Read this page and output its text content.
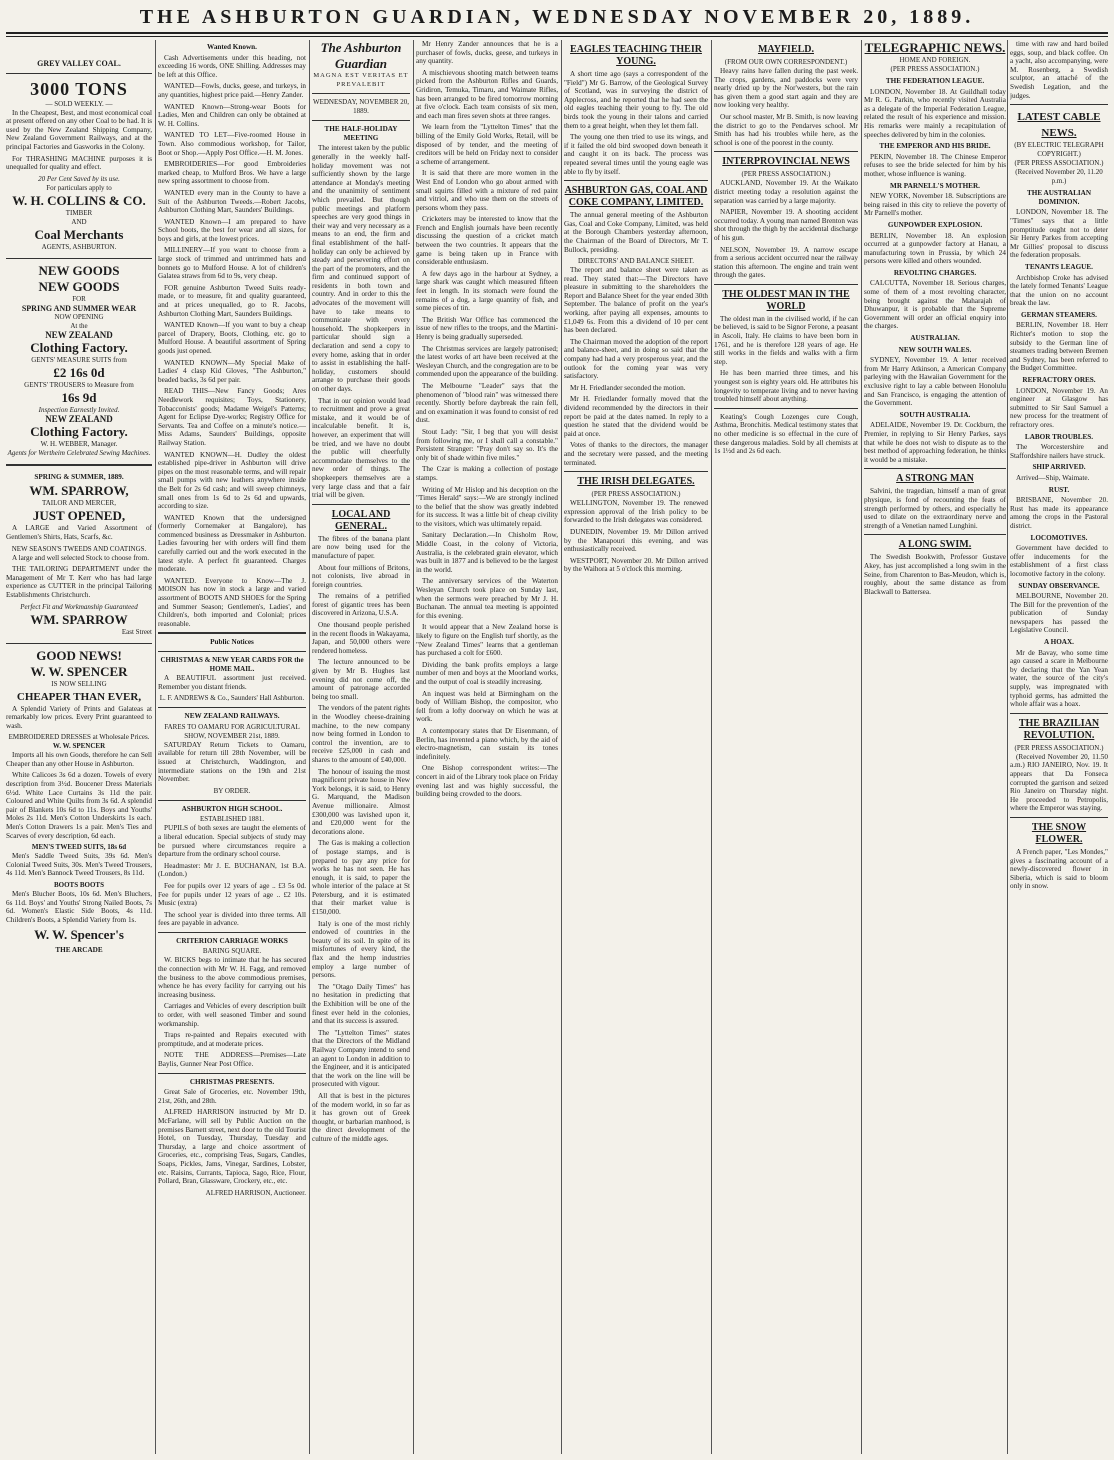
THE ASHBURTON GUARDIAN, WEDNESDAY NOVEMBER 20, 1889.
GREY VALLEY COAL.
3000 TONS
— SOLD WEEKLY. —

In the Cheapest, Best, and most economical coal at present offered on any other Coal to be had. It is used by the New Zealand Shipping Company, New Zealand Government Railways, and at the principal Factories and Gasworks in the Colony.

For THRASHING MACHINE purposes it is unequalled for quality and effect.

20 Per Cent Saved by its use.
For particulars apply to
W. H. COLLINS & CO.
TIMBER
AND
Coal Merchants
AGENTS, ASHBURTON.
NEW GOODS
NEW GOODS
FOR
SPRING AND SUMMER WEAR
NOW OPENING
At the
NEW ZEALAND
Clothing Factory.
GENTS' MEASURE SUITS from
£2 16s 0d
GENTS' TROUSERS to Measure from
16s 9d
Inspection Earnestly Invited.
NEW ZEALAND
Clothing Factory.
W. H. WEBBER, Manager.
Agents for Wertheim Celebrated Sewing Machines.
SPRING & SUMMER, 1889.
WM. SPARROW,
TAILOR AND MERCER,
JUST OPENED,

A LARGE and Varied Assortment of Gentlemen's Shirts, Hats, Scarfs, &c.

NEW SEASON'S TWEEDS AND COATINGS.

A large and well selected Stock to choose from.

THE TAILORING DEPARTMENT under the Management of Mr T. Kerr who has had large experience as CUTTER in the principal Tailoring Establishments Christchurch.

Perfect Fit and Workmanship Guaranteed
WM. SPARROW
East Street
GOOD NEWS!
W. W. SPENCER
IS NOW SELLING
CHEAPER THAN EVER,

A Splendid Variety of Prints and Galateas at remarkably low prices. Every Print guaranteed to wash.

EMBROIDERED DRESSES at Wholesale Prices.
W. W. SPENCER

Imports all his own Goods, therefore he can Sell Cheaper than any other House in Ashburton.

White Calicoes 3s 6d a dozen. Towels of every description from 3½d. Boucener Dress Materials 6½d. White Lace Curtains 3s 11d the pair. Coloured and White Quilts from 3s 6d. A splendid pair of Blankets 10s 6d to 11s. Boys and Youths' Moles 2s 11d. Men's Cotton Underskirts 1s each. Men's Cotton Drawers 1s a pair. Men's Ties and Scarves of every description, 6d each.

MEN'S TWEED SUITS, 18s 6d

Men's Saddle Tweed Suits, 39s 6d. Men's Colonial Tweed Suits, 30s. Men's Tweed Trousers, 4s 11d. Men's Bannock Tweed Trousers, 8s 11d.

BOOTS BOOTS

Men's Blucher Boots, 10s 6d. Men's Bluchers, 6s 11d. Boys' and Youths' Strong Nailed Boots, 7s 6d. Women's Elastic Side Boots, 4s 11d. Children's Boots, a Splendid Variety from 1s.

W. W. Spencer's
THE ARCADE
Wanted Known.

Cash Advertisements under this heading, not exceeding 16 words, ONE Shilling. Addresses may be left at this Office.

WANTED—Fowls, ducks, geese, and turkeys, in any quantities, highest price paid.—Henry Zander.

WANTED Known—Strong-wear Boots for Ladies, Men and Children can only be obtained at W. H. Collins.

WANTED TO LET—Five-roomed House in Town. Also commodious workshop, for Tailor, Boot or Shop.—Apply Post Office.—H. M. Jones.

EMBROIDERIES—For good Embroideries marked cheap, to Mulford Bros. We have a large new spring assortment to choose from.

WANTED every man in the County to have a Suit of the Ashburton Tweeds.—Robert Jacobs, Ashburton Clothing Mart, Saunders' Buildings.

WANTED Known—I am prepared to have School boots, the best for wear and all sizes, for boys and girls, at the lowest prices.

MILLINERY—If you want to choose from a large stock of trimmed and untrimmed hats and bonnets go to Mulford House. A lot of children's Galatea straws from 6d to 9s, very cheap.

FOR genuine Ashburton Tweed Suits ready-made, or to measure, fit and quality guaranteed, and at prices unequalled, go to R. Jacobs, Ashburton Clothing Mart, Saunders Buildings.

WANTED Known—If you want to buy a cheap parcel of Drapery, Boots, Clothing, etc. go to Mulford House. A beautiful assortment of Spring goods just opened.

WANTED KNOWN—My Special Make of Ladies' 4 clasp Kid Gloves, "The Ashburton," beaded backs, 3s 6d per pair.

READ THIS—New Fancy Goods; Ares Needlework requisites; Toys, Stationery, Tobacconists' goods; Madame Weigel's Patterns; Agent for Eclipse Dye-works; Registry Office for Servants. Tea and Coffee on a minute's notice.—Miss Adams, Saunders' Buildings, opposite Railway Station.

WANTED KNOWN—H. Dudley the oldest established pipe-driver in Ashburton will drive pipes on the most reasonable terms, and will repair small pumps with new leathers anywhere inside the Belt for 2s 6d cash; and will sweep chimneys, small ones from 1s 6d to 2s 6d and upwards, according to size.

WANTED Known that the undersigned (formerly Cornemaker at Bangalore), has commenced business as Dressmaker in Ashburton. Ladies favouring her with orders will find them carefully carried out and the work executed in the latest style. A perfect fit guaranteed. Charges moderate.

WANTED. Everyone to Know—The J. MOISON has now in stock a large and varied assortment of BOOTS AND SHOES for the Spring and Summer Season; Gentlemen's, Ladies', and Children's, both imported and Colonial; prices reasonable.

Public Notices
CHRISTMAS & NEW YEAR CARDS FOR the HOME MAIL.

A BEAUTIFUL assortment just received. Remember you distant friends.

L. F. ANDREWS & Co., Saunders' Hall Ashburton.
NEW ZEALAND RAILWAYS.
FARES TO OAMARU FOR AGRICULTURAL SHOW, NOVEMBER 21st, 1889.

SATURDAY Return Tickets to Oamaru, available for return till 28th November, will be issued at Christchurch, Waddington, and intermediate stations on the 19th and 21st November.

BY ORDER.
ASHBURTON HIGH SCHOOL.
ESTABLISHED 1881.

PUPILS of both sexes are taught the elements of a liberal education. Special subjects of study may be pursued where circumstances require a departure from the ordinary school course.

Headmaster: Mr J. E. BUCHANAN, 1st B.A. (London.)

Fee for pupils over 12 years of age .. £3 5s 0d. Fee for pupils under 12 years of age .. £2 10s. Music (extra)

The school year is divided into three terms. All fees are payable in advance.

CRITERION CARRIAGE WORKS
BARING SQUARE.

W. BICKS begs to intimate that he has secured the connection with Mr W. H. Fagg, and removed the business to the above commodious premises, whence he has every facility for carrying out his increasing business.

Carriages and Vehicles of every description built to order, with well seasoned Timber and sound workmanship.

Traps re-painted and Repairs executed with promptitude, and at moderate prices.

NOTE THE ADDRESS—Premises—Late Baylis, Gunner Near Post Office.

CHRISTMAS PRESENTS.

Great Sale of Groceries, etc. November 19th, 21st, 26th, and 28th.

ALFRED HARRISON instructed by Mr D. McFarlane, will sell by Public Auction on the premises Barnett street, next door to the old Tourist Hotel, on Tuesday, Thursday, Tuesday and Thursday, a large and choice assortment of Groceries, etc., comprising Teas, Sugars, Candles, Soaps, Pickles, Jams, Vinegar, Sardines, Lobster, etc. Raisins, Currants, Tapioca, Sago, Rice, Flour, Pollard, Bran, Glassware, Crockery, etc., etc.

ALFRED HARRISON, Auctioneer.
The Ashburton Guardian
MAGNA EST VERITAS ET PREVALEBIT
WEDNESDAY, NOVEMBER 20, 1889.
THE HALF-HOLIDAY MEETING

The interest taken by the public generally in the weekly half-holiday movement was not sufficiently shown by the large attendance at Monday's meeting and the unanimity of sentiment which prevailed. But though public meetings and platform speeches are very good things in their way and very necessary as a means to an end, the firm and final establishment of the half-holiday can only be achieved by steady and persevering effort on the part of the promoters, and the firm and continued support of residents in both town and country. And in order to this the advocates of the movement will have to take means to communicate with every household. The shopkeepers in particular should sign a declaration and send a copy to every home, asking that in order to assist in establishing the half-holiday, customers should arrange to purchase their goods on other days.

That in our opinion would lead to recruitment and prove a great mistake, and it would be of incalculable benefit. It is, however, an experiment that will be tried, and we have no doubt the public will cheerfully accommodate themselves to the new order of things. The shopkeepers themselves are a very large class and that a fair trial will be given.

LOCAL AND GENERAL.

The fibres of the banana plant are now being used for the manufacture of paper.

About four millions of Britons, not colonists, live abroad in foreign countries.

The remains of a petrified forest of gigantic trees has been discovered in Arizona, U.S.A.

One thousand people perished in the recent floods in Wakayama, Japan, and 50,000 others were rendered homeless.

The lecture announced to be given by Mr B. Hughes last evening did not come off, the amount of patronage accorded being too small.

The vendors of the patent rights in the Woodley cheese-draining machine, to the new company now being formed in London to control the invention, are to receive £25,000 in cash and shares to the amount of £40,000.

The honour of issuing the most magnificent private house in New York belongs, it is said, to Henry G. Marquand, the Madison Avenue millionaire. Almost £300,000 was lavished upon it, and £20,000 went for the decorations alone.

The Gas is making a collection of postage stamps, and is prepared to pay any price for works he has not seen. He has enough, it is said, to paper the whole interior of the palace at St Petersburg, and it is estimated that their market value is £150,000.

Italy is one of the most richly endowed of countries in the beauty of its soil. In spite of its misfortunes of every kind, the flax and the hemp industries employ a large number of persons.

The "Otago Daily Times" has no hesitation in predicting that the Exhibition will be one of the finest ever held in the colonies, and that its success is assured.

The "Lyttelton Times" states that the Directors of the Midland Railway Company intend to send an agent to London in addition to the Engineer, and it is anticipated that the work on the line will be prosecuted with vigour.

All that is best in the pictures of the modern world, in so far as it has grown out of Greek thought, or barbarian manhood, is the direct development of the culture of the middle ages.

Mr Henry Zander announces that he is a purchaser of fowls, ducks, geese, and turkeys in any quantity.

A mischievous shooting match between teams picked from the Ashburton Rifles and Guards, Gridiron, Temuka, Timaru, and Waimate Rifles, has been arranged to be fired tomorrow morning at five o'clock. Each team consists of six men, and each man fires seven shots at three ranges.

We learn from the "Lyttelton Times" that the billing of the Emily Gold Works, Retail, will be disposed of by tender, and the meeting of creditors will be held on Friday next to consider a scheme of arrangement.

It is said that there are more women in the West End of London who go about armed with small squirts filled with a mixture of red paint and vitriol, and who use them on the streets of persons whom they pass.

Cricketers may be interested to know that the French and English journals have been recently discussing the question of a cricket match between the two countries. It appears that the game is being taken up in France with considerable enthusiasm.

A few days ago in the harbour at Sydney, a large shark was caught which measured fifteen feet in length. In its stomach were found the remains of a dog, a large quantity of fish, and some pieces of tin.

The British War Office has commenced the issue of new rifles to the troops, and the Martini-Henry is being gradually superseded.

The Christmas services are largely patronised; the latest works of art have been received at the Wesleyan Church, and the congregation are to be commended upon the appearance of the building.

The Melbourne "Leader" says that the phenomenon of "blood rain" was witnessed there recently. Shortly before daybreak the rain fell, and on examination it was found to consist of red dust.

Stout Lady: "Sir, I beg that you will desist from following me, or I shall call a constable." Persistent Stranger: "Pray don't say so. It's the only bit of shade within five miles."

The Czar is making a collection of postage stamps.

Writing of Mr Hislop and his deception on the "Times Herald" says:—We are strongly inclined to the belief that the show was greatly indebted for its success. It was a little bit of cheap civility to the visitors, which was ultimately repaid.

Sanitary Declaration.—In Chisholm Row, Middle Coast, in the colony of Victoria, Australia, is the celebrated grain elevator, which was built in 1877 and is believed to be the largest in the world.

The anniversary services of the Waterton Wesleyan Church took place on Sunday last, when the sermons were preached by Mr J. H. Buchanan. The annual tea meeting is appointed for this evening.

It would appear that a New Zealand horse is likely to figure on the English turf shortly, as the "New Zealand Times" learns that a gentleman has purchased a colt for £600.

Dividing the bank profits employs a large number of men and boys at the Moorland works, and the output of coal is steadily increasing.

An inquest was held at Birmingham on the body of William Bishop, the compositor, who fell from a lofty doorway on which he was at work.

A contemporary states that Dr Eisenmann, of Berlin, has invented a piano which, by the aid of electro-magnetism, can sustain its tones indefinitely.

One Bishop correspondent writes:—The concert in aid of the Library took place on Friday evening last and was highly successful, the building being crowded to the doors.

EAGLES TEACHING THEIR YOUNG.

A short time ago (says a correspondent of the "Field") Mr G. Barrow, of the Geological Survey of Scotland, was in surveying the district of Applecross, and he reported that he had seen the old eagles teaching their young to fly. The old birds took the young in their talons and carried them to a great height, when they let them fall.

The young one then tried to use its wings, and if it failed the old bird swooped down beneath it and caught it on its back. The process was repeated several times until the young eagle was able to fly by itself.

ASHBURTON GAS, COAL AND COKE COMPANY, LIMITED.

The annual general meeting of the Ashburton Gas, Coal and Coke Company, Limited, was held at the Borough Chambers yesterday afternoon, the Chairman of the Board of Directors, Mr T. Bullock, presiding.

DIRECTORS' AND BALANCE SHEET.

The report and balance sheet were taken as read. They stated that:—The Directors have pleasure in submitting to the shareholders the Report and Balance Sheet for the year ended 30th September. The balance of profit on the year's working, after paying all expenses, amounts to £1,049 6s. From this a dividend of 10 per cent has been declared.

The Chairman moved the adoption of the report and balance-sheet, and in doing so said that the company had had a very prosperous year, and the outlook for the coming year was very satisfactory.

Mr H. Friedlander seconded the motion.

Mr H. Friedlander formally moved that the dividend recommended by the directors in their report be paid at the dates named. In reply to a question he stated that the dividend would be paid at once.

Votes of thanks to the directors, the manager and the secretary were passed, and the meeting terminated.

THE IRISH DELEGATES.
(PER PRESS ASSOCIATION.)

WELLINGTON, November 19. The renewed expression approval of the Irish policy to be forwarded to the Irish delegates was considered.

DUNEDIN, November 19. Mr Dillon arrived by the Manapouri this evening, and was enthusiastically received.

WESTPORT, November 20. Mr Dillon arrived by the Waihora at 5 o'clock this morning.

MAYFIELD.
(FROM OUR OWN CORRESPONDENT.)

Heavy rains have fallen during the past week. The crops, gardens, and paddocks were very nearly dried up by the Nor'westers, but the rain has given them a good start again and they are now looking very healthy.

Our school master, Mr B. Smith, is now leaving the district to go to the Pendarves school. Mr Smith has had his troubles while here, as the school is one of the poorest in the county.

INTERPROVINCIAL NEWS
(PER PRESS ASSOCIATION.)

AUCKLAND, November 19. At the Waikato district meeting today a resolution against the separation was carried by a large majority.

NAPIER, November 19. A shooting accident occurred today. A young man named Brenton was shot through the thigh by the accidental discharge of his gun.

NELSON, November 19. A narrow escape from a serious accident occurred near the railway station this afternoon. The engine and train went through the gates.

THE OLDEST MAN IN THE WORLD

The oldest man in the civilised world, if he can be believed, is said to be Signor Ferone, a peasant in Ascoli, Italy. He claims to have been born in 1761, and he is therefore 128 years of age. He still works in the fields and walks with a firm step.

He has been married three times, and his youngest son is eighty years old. He attributes his longevity to temperate living and to never having troubled himself about anything.

Keating's Cough Lozenges cure Cough, Asthma, Bronchitis. Medical testimony states that no other medicine is so effectual in the cure of these dangerous maladies. Sold by all chemists at 1s 1½d and 2s 6d each.

TELEGRAPHIC NEWS.
HOME AND FOREIGN.
(PER PRESS ASSOCIATION.)
THE FEDERATION LEAGUE.

LONDON, November 18. At Guildhall today Mr R. G. Parkin, who recently visited Australia as a delegate of the Imperial Federation League, related the result of his experience and mission. His remarks were mainly a recapitulation of speeches delivered by him in the colonies.

THE EMPEROR AND HIS BRIDE.

PEKIN, November 18. The Chinese Emperor refuses to see the bride selected for him by his mother, whose influence is waning.

MR PARNELL'S MOTHER.

NEW YORK, November 18. Subscriptions are being raised in this city to relieve the poverty of Mr Parnell's mother.

GUNPOWDER EXPLOSION.

BERLIN, November 18. An explosion occurred at a gunpowder factory at Hanau, a manufacturing town in Prussia, by which 24 persons were killed and others wounded.

REVOLTING CHARGES.

CALCUTTA, November 18. Serious charges, some of them of a most revolting character, being brought against the Maharajah of Dhuwanpur, it is probable that the Supreme Government will order an official enquiry into the charges.

AUSTRALIAN.
NEW SOUTH WALES.

SYDNEY, November 19. A letter received from Mr Harry Atkinson, a American Company parleying with the Hawaiian Government for the exclusive right to lay a cable between Honolulu and San Francisco, is engaging the attention of the Government.

SOUTH AUSTRALIA.

ADELAIDE, November 19. Dr. Cockburn, the Premier, in replying to Sir Henry Parkes, says that while he does not wish to dispute as to the best method of approaching federation, he thinks it would be a mistake.

A STRONG MAN

Salvini, the tragedian, himself a man of great physique, is fond of recounting the feats of strength performed by others, and especially he used to dilate on the extraordinary nerve and strength of a Venetian named Lunghini.

A LONG SWIM.

The Swedish Bookwith, Professor Gustave Akey, has just accomplished a long swim in the Seine, from Charenton to Bas-Meudon, which is, roughly, about the same distance as from Blackwall to Battersea.

time with raw and hard boiled eggs, soup, and black coffee. On a yacht, also accompanying, were M. Rosenberg, a Swedish sculptor, an attaché of the Swedish Legation, and the judges.

LATEST CABLE NEWS.
(BY ELECTRIC TELEGRAPH COPYRIGHT.)
(PER PRESS ASSOCIATION.)
(Received November 20, 11.20 p.m.)
THE AUSTRALIAN DOMINION.

LONDON, November 18. The "Times" says that a little promptitude ought not to deter Sir Henry Parkes from accepting Mr Gillies' proposal to discuss the federation proposals.

TENANTS LEAGUE.

Archbishop Croke has advised the lately formed Tenants' League that the union on no account break the law.

GERMAN STEAMERS.

BERLIN, November 18. Herr Richter's motion to stop the subsidy to the German line of steamers trading between Bremen and Sydney, has been referred to the Budget Committee.

REFRACTORY ORES.

LONDON, November 19. An engineer at Glasgow has submitted to Sir Saul Samuel a new process for the treatment of refractory ores.

LABOR TROUBLES.

The Worcestershire and Staffordshire nailers have struck.

SHIP ARRIVED.

Arrived—Ship, Waimate.

RUST.

BRISBANE, November 20. Rust has made its appearance among the crops in the Pastoral district.

LOCOMOTIVES.

Government have decided to offer inducements for the establishment of a first class locomotive factory in the colony.

SUNDAY OBSERVANCE.

MELBOURNE, November 20. The Bill for the prevention of the publication of Sunday newspapers has passed the Legislative Council.

A HOAX.

Mr de Bavay, who some time ago caused a scare in Melbourne by declaring that the Yan Yean water, the source of the city's supply, was impregnated with typhoid germs, has admitted the whole affair was a hoax.

THE BRAZILIAN REVOLUTION.
(PER PRESS ASSOCIATION.)

(Received November 20, 11.50 a.m.) RIO JANEIRO, Nov. 19. It appears that Da Fonseca corrupted the garrison and seized Rio Janeiro on Thursday night. He proceeded to Petropolis, where the Emperor was staying.

THE SNOW FLOWER.

A French paper, "Les Mondes," gives a fascinating account of a newly-discovered flower in Siberia, which is said to bloom only in snow.
